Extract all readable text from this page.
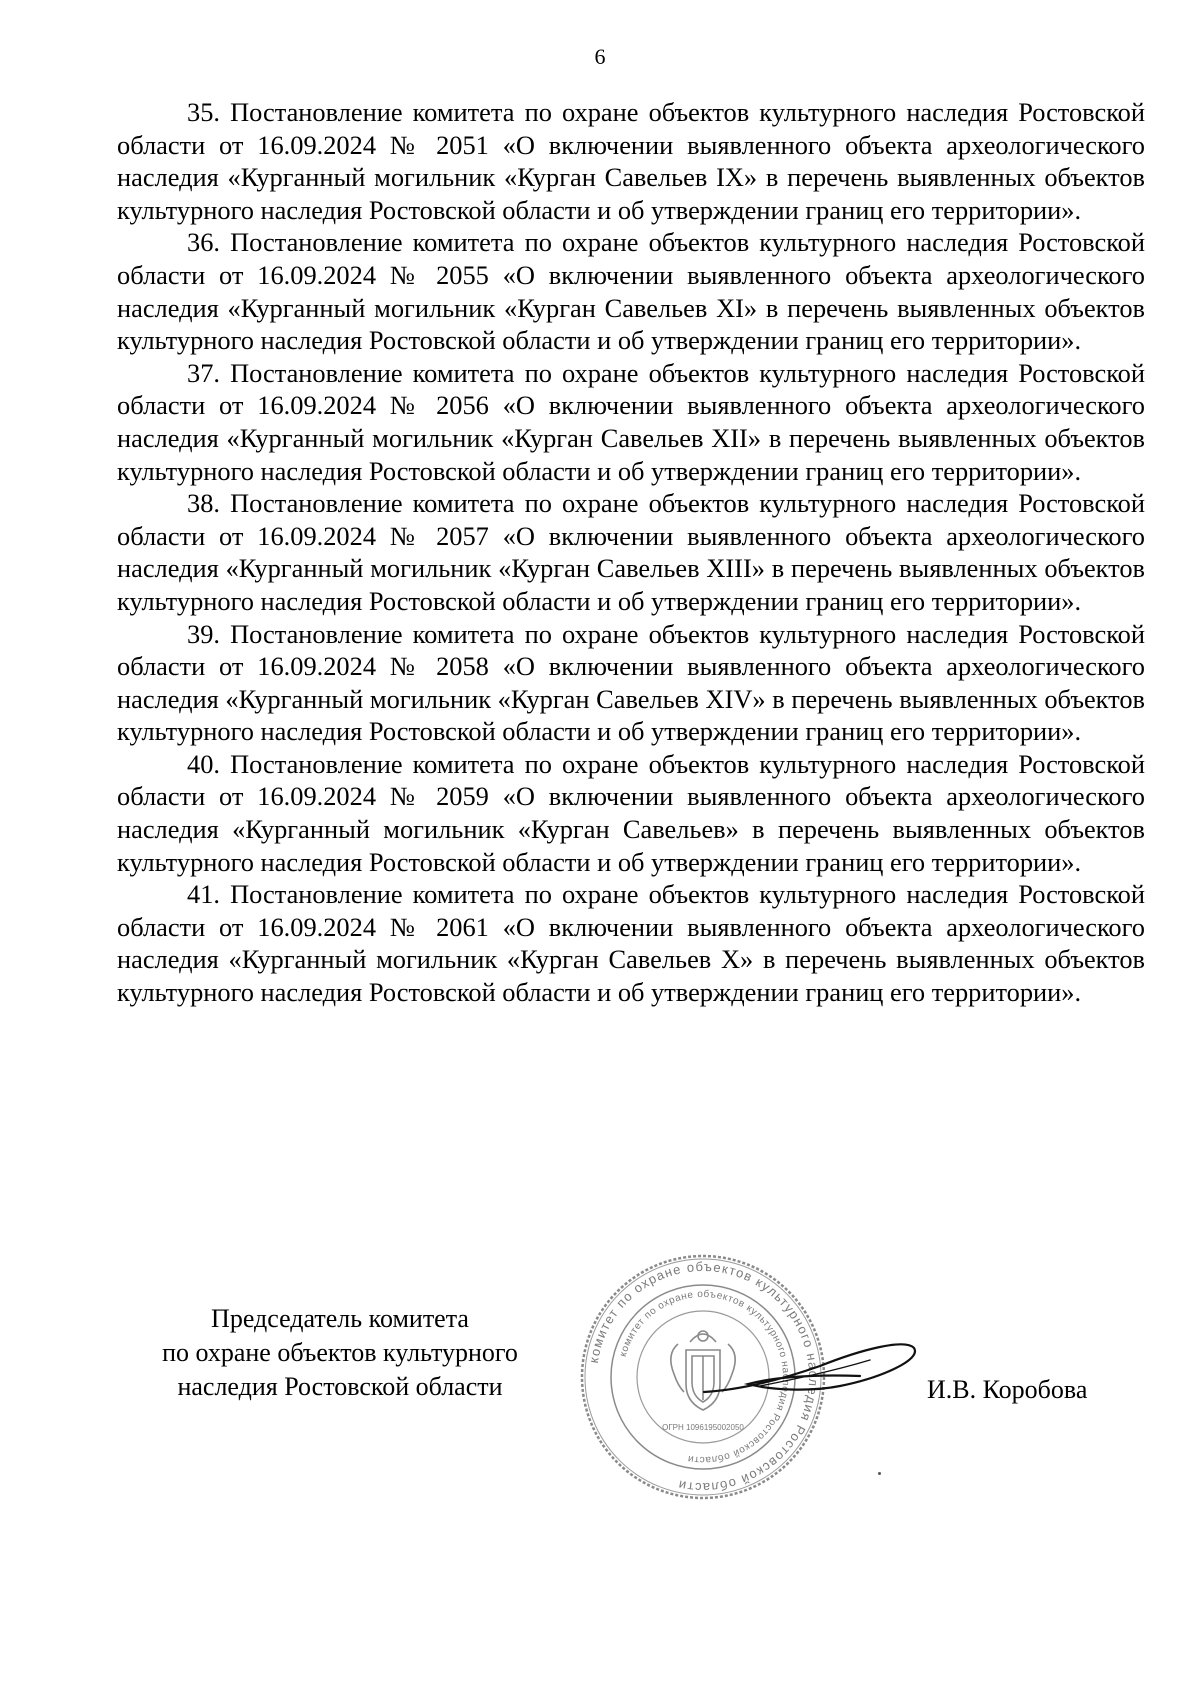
6

35. Постановление комитета по охране объектов культурного наследия Ростовской области от 16.09.2024 № 2051 «О включении выявленного объекта археологического наследия «Курганный могильник «Курган Савельев IX» в перечень выявленных объектов культурного наследия Ростовской области и об утверждении границ его территории».

36. Постановление комитета по охране объектов культурного наследия Ростовской области от 16.09.2024 № 2055 «О включении выявленного объекта археологического наследия «Курганный могильник «Курган Савельев XI» в перечень выявленных объектов культурного наследия Ростовской области и об утверждении границ его территории».

37. Постановление комитета по охране объектов культурного наследия Ростовской области от 16.09.2024 № 2056 «О включении выявленного объекта археологического наследия «Курганный могильник «Курган Савельев XII» в перечень выявленных объектов культурного наследия Ростовской области и об утверждении границ его территории».

38. Постановление комитета по охране объектов культурного наследия Ростовской области от 16.09.2024 № 2057 «О включении выявленного объекта археологического наследия «Курганный могильник «Курган Савельев XIII» в перечень выявленных объектов культурного наследия Ростовской области и об утверждении границ его территории».

39. Постановление комитета по охране объектов культурного наследия Ростовской области от 16.09.2024 № 2058 «О включении выявленного объекта археологического наследия «Курганный могильник «Курган Савельев XIV» в перечень выявленных объектов культурного наследия Ростовской области и об утверждении границ его территории».

40. Постановление комитета по охране объектов культурного наследия Ростовской области от 16.09.2024 № 2059 «О включении выявленного объекта археологического наследия «Курганный могильник «Курган Савельев» в перечень выявленных объектов культурного наследия Ростовской области и об утверждении границ его территории».

41. Постановление комитета по охране объектов культурного наследия Ростовской области от 16.09.2024 № 2061 «О включении выявленного объекта археологического наследия «Курганный могильник «Курган Савельев X» в перечень выявленных объектов культурного наследия Ростовской области и об утверждении границ его территории».

Председатель комитета
по охране объектов культурного
наследия Ростовской области
комитет по охране объектов культурного наследия Ростовской области
комитет по охране объектов культурного наследия Ростовской области
ОГРН 1096195002050
И.В. Коробова
